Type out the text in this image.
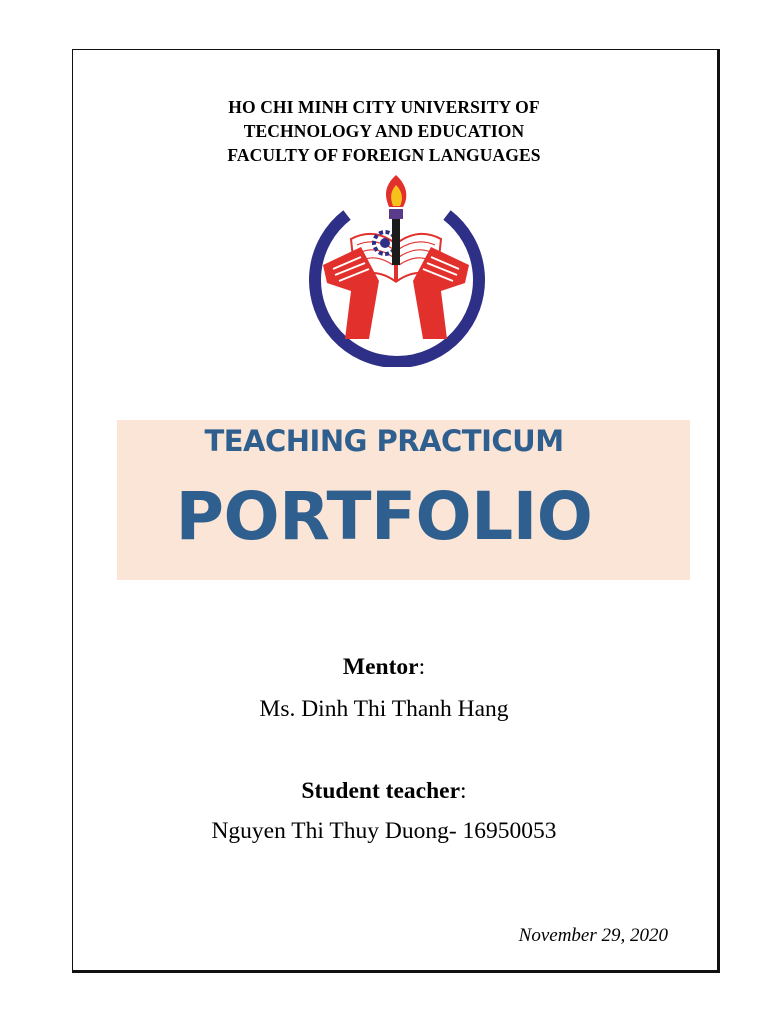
HO CHI MINH CITY UNIVERSITY OF
TECHNOLOGY AND EDUCATION
FACULTY OF FOREIGN LANGUAGES
TEACHING PRACTICUM
PORTFOLIO
Mentor:
Ms. Dinh Thi Thanh Hang
Student teacher:
Nguyen Thi Thuy Duong- 16950053
November 29, 2020
